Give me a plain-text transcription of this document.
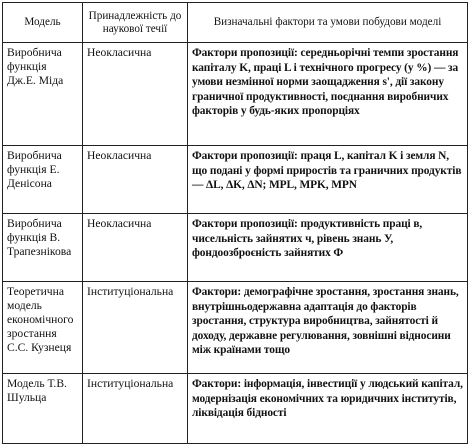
Модель	Принадлежність до наукової течії	Визначальні фактори та умови побудови моделі
Виробнича функція Дж.Е. Міда	Неокласична	Фактори пропозиції: середньорічні темпи зростання капіталу K, праці L і технічного прогресу (y %) — за умови незмінної норми заощадження s', дії закону граничної продуктивності, поєднання виробничих факторів у будь-яких пропорціях
Виробнича функція Е. Денісона	Неокласична	Фактори пропозиції: праця L, капітал K і земля N, що подані у формі приростів та граничних продуктів — ΔL, ΔK, ΔN; MPL, MPK, MPN
Виробнича функція В. Трапезнікова	Неокласична	Фактори пропозиції: продуктивність праці в, чисельність зайнятих ч, рівень знань У, фондоозброєність зайнятих Ф
Теоретична модель економічного зростання С.С. Кузнеця	Інституціональна	Фактори: демографічне зростання, зростання знань, внутрішньодержавна адаптація до факторів зростання, структура виробництва, зайнятості й доходу, державне регулювання, зовнішні відносини між країнами тощо
Модель Т.В. Шульца	Інституціональна	Фактори: інформація, інвестиції у людський капітал, модернізація економічних та юридичних інститутів, ліквідація бідності
